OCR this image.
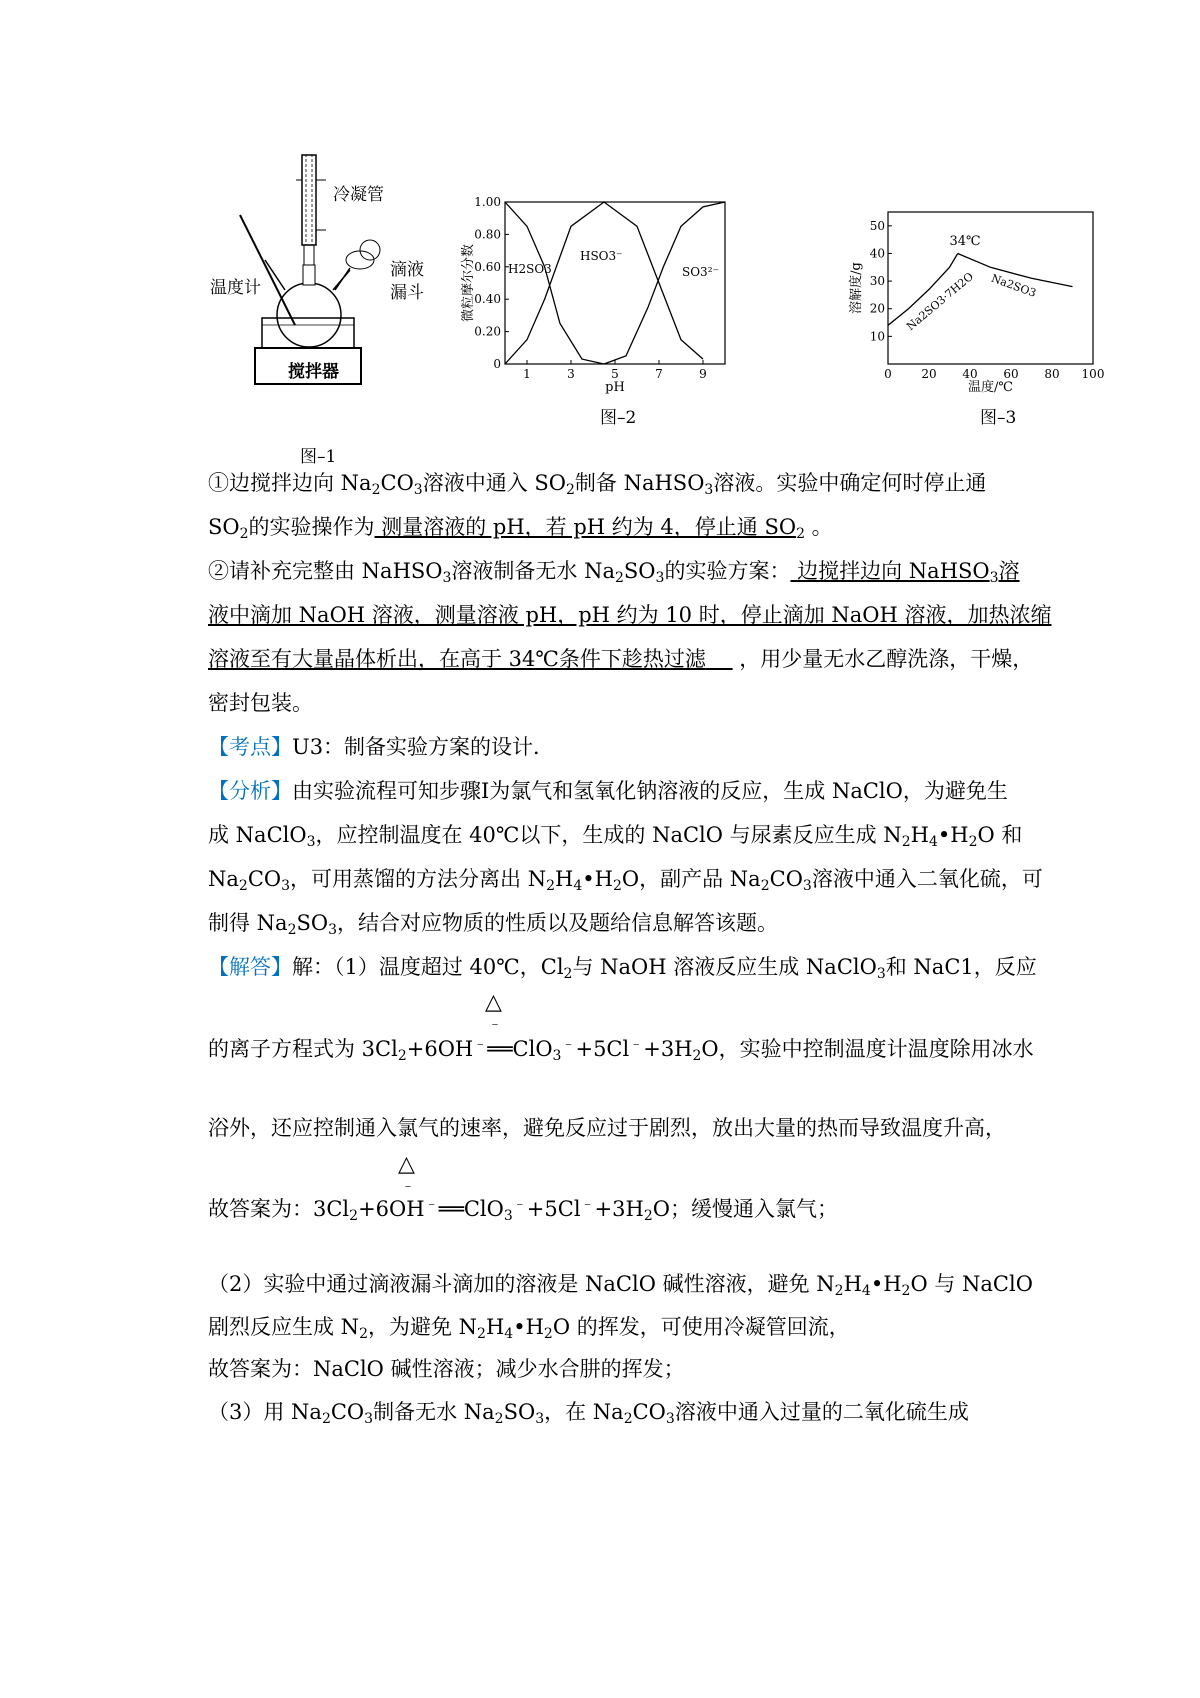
冷凝管
温度计
滴液
漏斗
搅拌器
图–1
1.00
0.80
0.60
0.40
0.20
0
1	3	5	7	9
pH
微粒摩尔分数	H2SO3
HSO3⁻
SO3²⁻
图–2
50
40
30
20
10
0 20 40 60 80 100
温度/℃
溶解度/g
34℃
Na2SO3·7H2O Na2SO3
图–3
①边搅拌边向 $Na_2CO_3$溶液中通入 $SO_2$制备 NaHSO$_3$溶液。实验中确定何时停止通
$SO_2$的实验操作为 测量溶液的 pH，若 pH 约为 4，停止通 $SO_2$ 。
②请补充完整由 NaHSO$_3$溶液制备无水 $Na_2SO_3$的实验方案： 边搅拌边向 NaHSO$_3$溶
液中滴加 NaOH 溶液，测量溶液 pH，pH 约为 10 时，停止滴加 NaOH 溶液，加热浓缩
溶液至有大量晶体析出，在高于 34℃条件下趁热过滤     ，用少量无水乙醇洗涤，干燥，
密封包装。
【考点】U3：制备实验方案的设计．
【分析】由实验流程可知步骤Ⅰ为氯气和氢氧化钠溶液的反应，生成 NaClO，为避免生
成 NaClO$_3$，应控制温度在 40℃以下，生成的 NaClO 与尿素反应生成 $N_2H_4•H_2O$ 和
$Na_2CO_3$，可用蒸馏的方法分离出 $N_2H_4•H_2O$，副产品 $Na_2CO_3$溶液中通入二氧化硫，可
制得 $Na_2SO_3$，结合对应物质的性质以及题给信息解答该题。
【解答】解：（1）温度超过 40℃，$Cl_2$与 NaOH 溶液反应生成 NaClO$_3$和 NaC1，反应
△
﹣
的离子方程式为 $3Cl_2+6OH^﹣══ClO_3^﹣+5Cl^﹣+3H_2O$，实验中控制温度计温度除用冰水
浴外，还应控制通入氯气的速率，避免反应过于剧烈，放出大量的热而导致温度升高，
△
﹣
故答案为：$3Cl_2+6OH^﹣══ClO_3^﹣+5Cl^﹣+3H_2O$；缓慢通入氯气；
（2）实验中通过滴液漏斗滴加的溶液是 NaClO 碱性溶液，避免 $N_2H_4•H_2O$ 与 NaClO
剧烈反应生成 $N_2$，为避免 $N_2H_4•H_2O$ 的挥发，可使用冷凝管回流，
故答案为：NaClO 碱性溶液；减少水合肼的挥发；
（3）用 $Na_2CO_3$制备无水 $Na_2SO_3$，在 $Na_2CO_3$溶液中通入过量的二氧化硫生成
